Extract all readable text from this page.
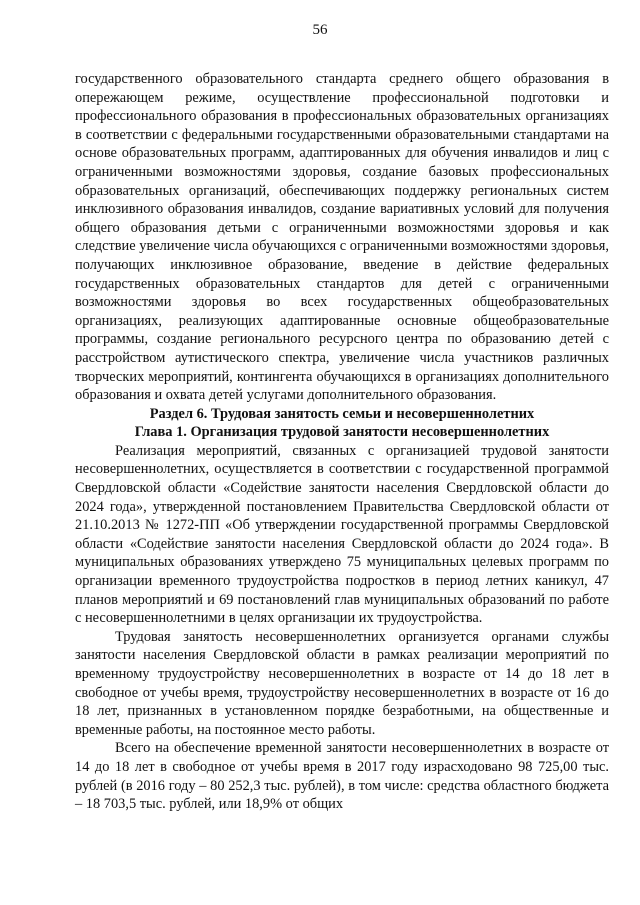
56

государственного образовательного стандарта среднего общего образования в опережающем режиме, осуществление профессиональной подготовки и профессионального образования в профессиональных образовательных организациях в соответствии с федеральными государственными образовательными стандартами на основе образовательных программ, адаптированных для обучения инвалидов и лиц с ограниченными возможностями здоровья, создание базовых профессиональных образовательных организаций, обеспечивающих поддержку региональных систем инклюзивного образования инвалидов, создание вариативных условий для получения общего образования детьми с ограниченными возможностями здоровья и как следствие увеличение числа обучающихся с ограниченными возможностями здоровья, получающих инклюзивное образование, введение в действие федеральных государственных образовательных стандартов для детей с ограниченными возможностями здоровья во всех государственных общеобразовательных организациях, реализующих адаптированные основные общеобразовательные программы, создание регионального ресурсного центра по образованию детей с расстройством аутистического спектра, увеличение числа участников различных творческих мероприятий, контингента обучающихся в организациях дополнительного образования и охвата детей услугами дополнительного образования.

Раздел 6. Трудовая занятость семьи и несовершеннолетних

Глава 1. Организация трудовой занятости несовершеннолетних

Реализация мероприятий, связанных с организацией трудовой занятости несовершеннолетних, осуществляется в соответствии с государственной программой Свердловской области «Содействие занятости населения Свердловской области до 2024 года», утвержденной постановлением Правительства Свердловской области от 21.10.2013 № 1272-ПП «Об утверждении государственной программы Свердловской области «Содействие занятости населения Свердловской области до 2024 года». В муниципальных образованиях утверждено 75 муниципальных целевых программ по организации временного трудоустройства подростков в период летних каникул, 47 планов мероприятий и 69 постановлений глав муниципальных образований по работе с несовершеннолетними в целях организации их трудоустройства.

Трудовая занятость несовершеннолетних организуется органами службы занятости населения Свердловской области в рамках реализации мероприятий по временному трудоустройству несовершеннолетних в возрасте от 14 до 18 лет в свободное от учебы время, трудоустройству несовершеннолетних в возрасте от 16 до 18 лет, признанных в установленном порядке безработными, на общественные и временные работы, на постоянное место работы.

Всего на обеспечение временной занятости несовершеннолетних в возрасте от 14 до 18 лет в свободное от учебы время в 2017 году израсходовано 98 725,00 тыс. рублей (в 2016 году – 80 252,3 тыс. рублей), в том числе: средства областного бюджета – 18 703,5 тыс. рублей, или 18,9% от общих
